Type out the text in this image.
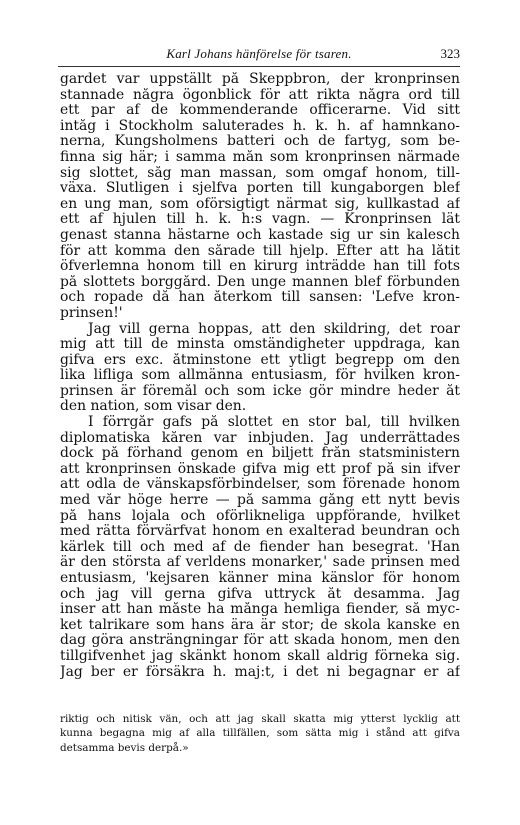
Karl Johans hänförelse för tsaren.	323
gardet var uppställt på Skeppbron, der kronprinsen
stannade några ögonblick för att rikta några ord till
ett par af de kommenderande officerarne. Vid sitt
intåg i Stockholm saluterades h. k. h. af hamnkano-
nerna, Kungsholmens batteri och de fartyg, som be-
finna sig här; i samma mån som kronprinsen närmade
sig slottet, såg man massan, som omgaf honom, till-
växa. Slutligen i sjelfva porten till kungaborgen blef
en ung man, som oförsigtigt närmat sig, kullkastad af
ett af hjulen till h. k. h:s vagn. — Kronprinsen lät
genast stanna hästarne och kastade sig ur sin kalesch
för att komma den sårade till hjelp. Efter att ha låtit
öfverlemna honom till en kirurg inträdde han till fots
på slottets borggård. Den unge mannen blef förbunden
och ropade då han återkom till sansen: 'Lefve kron-
prinsen!'
Jag vill gerna hoppas, att den skildring, det roar
mig att till de minsta omständigheter uppdraga, kan
gifva ers exc. åtminstone ett ytligt begrepp om den
lika lifliga som allmänna entusiasm, för hvilken kron-
prinsen är föremål och som icke gör mindre heder åt
den nation, som visar den.
I förrgår gafs på slottet en stor bal, till hvilken
diplomatiska kåren var inbjuden. Jag underrättades
dock på förhand genom en biljett från statsministern
att kronprinsen önskade gifva mig ett prof på sin ifver
att odla de vänskapsförbindelser, som förenade honom
med vår höge herre — på samma gång ett nytt bevis
på hans lojala och oförlikneliga uppförande, hvilket
med rätta förvärfvat honom en exalterad beundran och
kärlek till och med af de fiender han besegrat. 'Han
är den största af verldens monarker,' sade prinsen med
entusiasm, 'kejsaren känner mina känslor för honom
och jag vill gerna gifva uttryck åt desamma. Jag
inser att han måste ha många hemliga fiender, så myc-
ket talrikare som hans ära är stor; de skola kanske en
dag göra ansträngningar för att skada honom, men den
tillgifvenhet jag skänkt honom skall aldrig förneka sig.
Jag ber er försäkra h. maj:t, i det ni begagnar er af
riktig och nitisk vän, och att jag skall skatta mig ytterst lycklig att
kunna begagna mig af alla tillfällen, som sätta mig i stånd att gifva
detsamma bevis derpå.»
